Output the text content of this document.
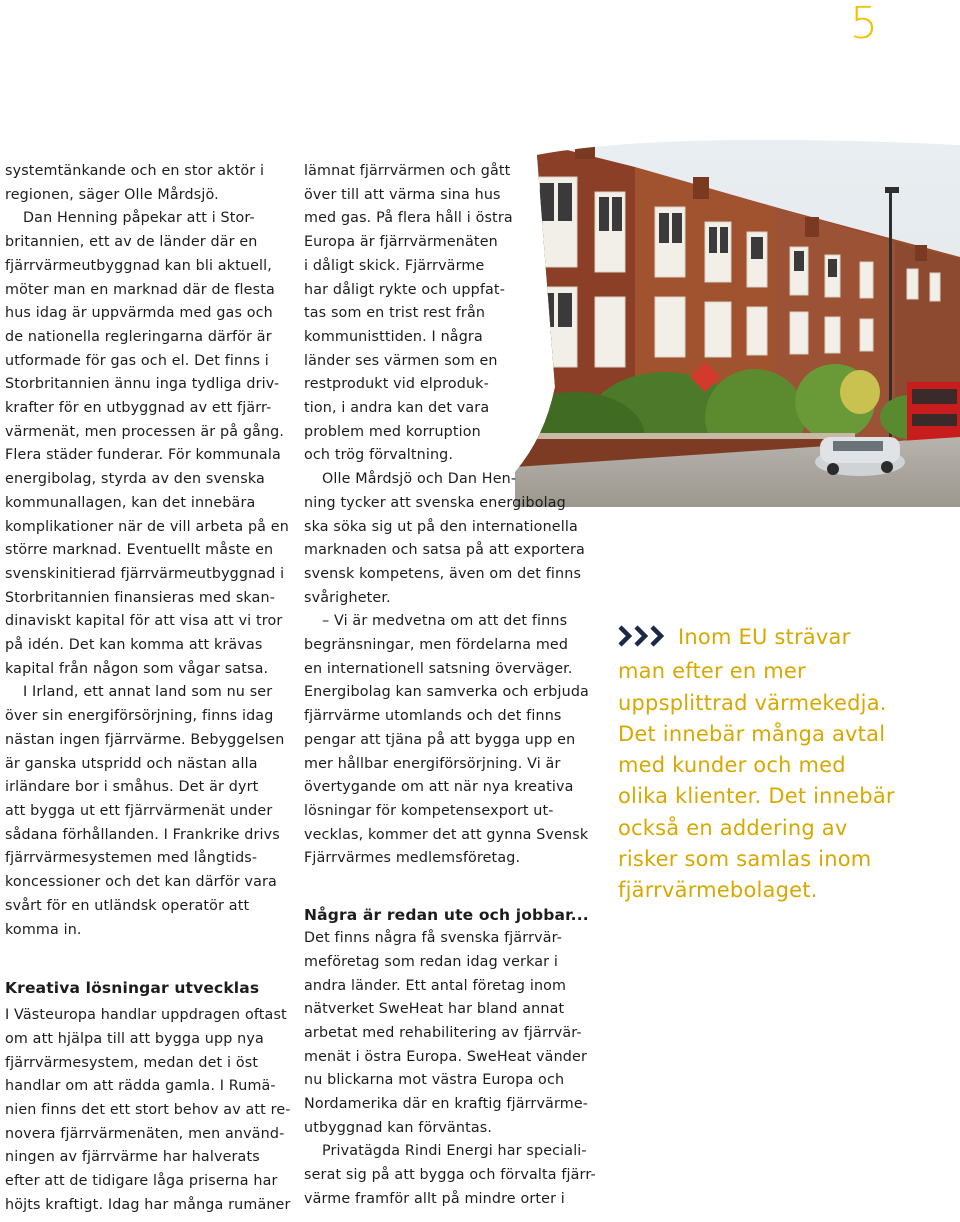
5

systemtänkande och en stor aktör i
regionen, säger Olle Mårdsjö.

Dan Henning påpekar att i Stor-
britannien, ett av de länder där en
fjärrvärmeutbyggnad kan bli aktuell,
möter man en marknad där de flesta
hus idag är uppvärmda med gas och
de nationella regleringarna därför är
utformade för gas och el. Det finns i
Storbritannien ännu inga tydliga driv-
krafter för en utbyggnad av ett fjärr-
värmenät, men processen är på gång.
Flera städer funderar. För kommunala
energibolag, styrda av den svenska
kommunallagen, kan det innebära
komplikationer när de vill arbeta på en
större marknad. Eventuellt måste en
svenskinitierad fjärrvärmeutbyggnad i
Storbritannien finansieras med skan-
dinaviskt kapital för att visa att vi tror
på idén. Det kan komma att krävas
kapital från någon som vågar satsa.

I Irland, ett annat land som nu ser
över sin energiförsörjning, finns idag
nästan ingen fjärrvärme. Bebyggelsen
är ganska utspridd och nästan alla
irländare bor i småhus. Det är dyrt
att bygga ut ett fjärrvärmenät under
sådana förhållanden. I Frankrike drivs
fjärrvärmesystemen med långtids-
koncessioner och det kan därför vara
svårt för en utländsk operatör att
komma in.

Kreativa lösningar utvecklas

I Västeuropa handlar uppdragen oftast
om att hjälpa till att bygga upp nya
fjärrvärmesystem, medan det i öst
handlar om att rädda gamla. I Rumä-
nien finns det ett stort behov av att re-
novera fjärrvärmenäten, men använd-
ningen av fjärrvärme har halverats
efter att de tidigare låga priserna har
höjts kraftigt. Idag har många rumäner

lämnat fjärrvärmen och gått
över till att värma sina hus
med gas. På flera håll i östra
Europa är fjärrvärmenäten
i dåligt skick. Fjärrvärme
har dåligt rykte och uppfat-
tas som en trist rest från
kommunisttiden. I några
länder ses värmen som en
restprodukt vid elproduk-
tion, i andra kan det vara
problem med korruption
och trög förvaltning.

Olle Mårdsjö och Dan Hen-
ning tycker att svenska energibolag
ska söka sig ut på den internationella
marknaden och satsa på att exportera
svensk kompetens, även om det finns
svårigheter.

– Vi är medvetna om att det finns
begränsningar, men fördelarna med
en internationell satsning överväger.
Energibolag kan samverka och erbjuda
fjärrvärme utomlands och det finns
pengar att tjäna på att bygga upp en
mer hållbar energiförsörjning. Vi är
övertygande om att när nya kreativa
lösningar för kompetensexport ut-
vecklas, kommer det att gynna Svensk
Fjärrvärmes medlemsföretag.

Några är redan ute och jobbar...

Det finns några få svenska fjärrvär-
meföretag som redan idag verkar i
andra länder. Ett antal företag inom
nätverket SweHeat har bland annat
arbetat med rehabilitering av fjärrvär-
menät i östra Europa. SweHeat vänder
nu blickarna mot västra Europa och
Nordamerika där en kraftig fjärrvärme-
utbyggnad kan förväntas.

Privatägda Rindi Energi har speciali-
serat sig på att bygga och förvalta fjärr-
värme framför allt på mindre orter i

Inom EU strävar
man efter en mer
uppsplittrad värmekedja.
Det innebär många avtal
med kunder och med
olika klienter. Det innebär
också en addering av
risker som samlas inom
fjärrvärmebolaget.
